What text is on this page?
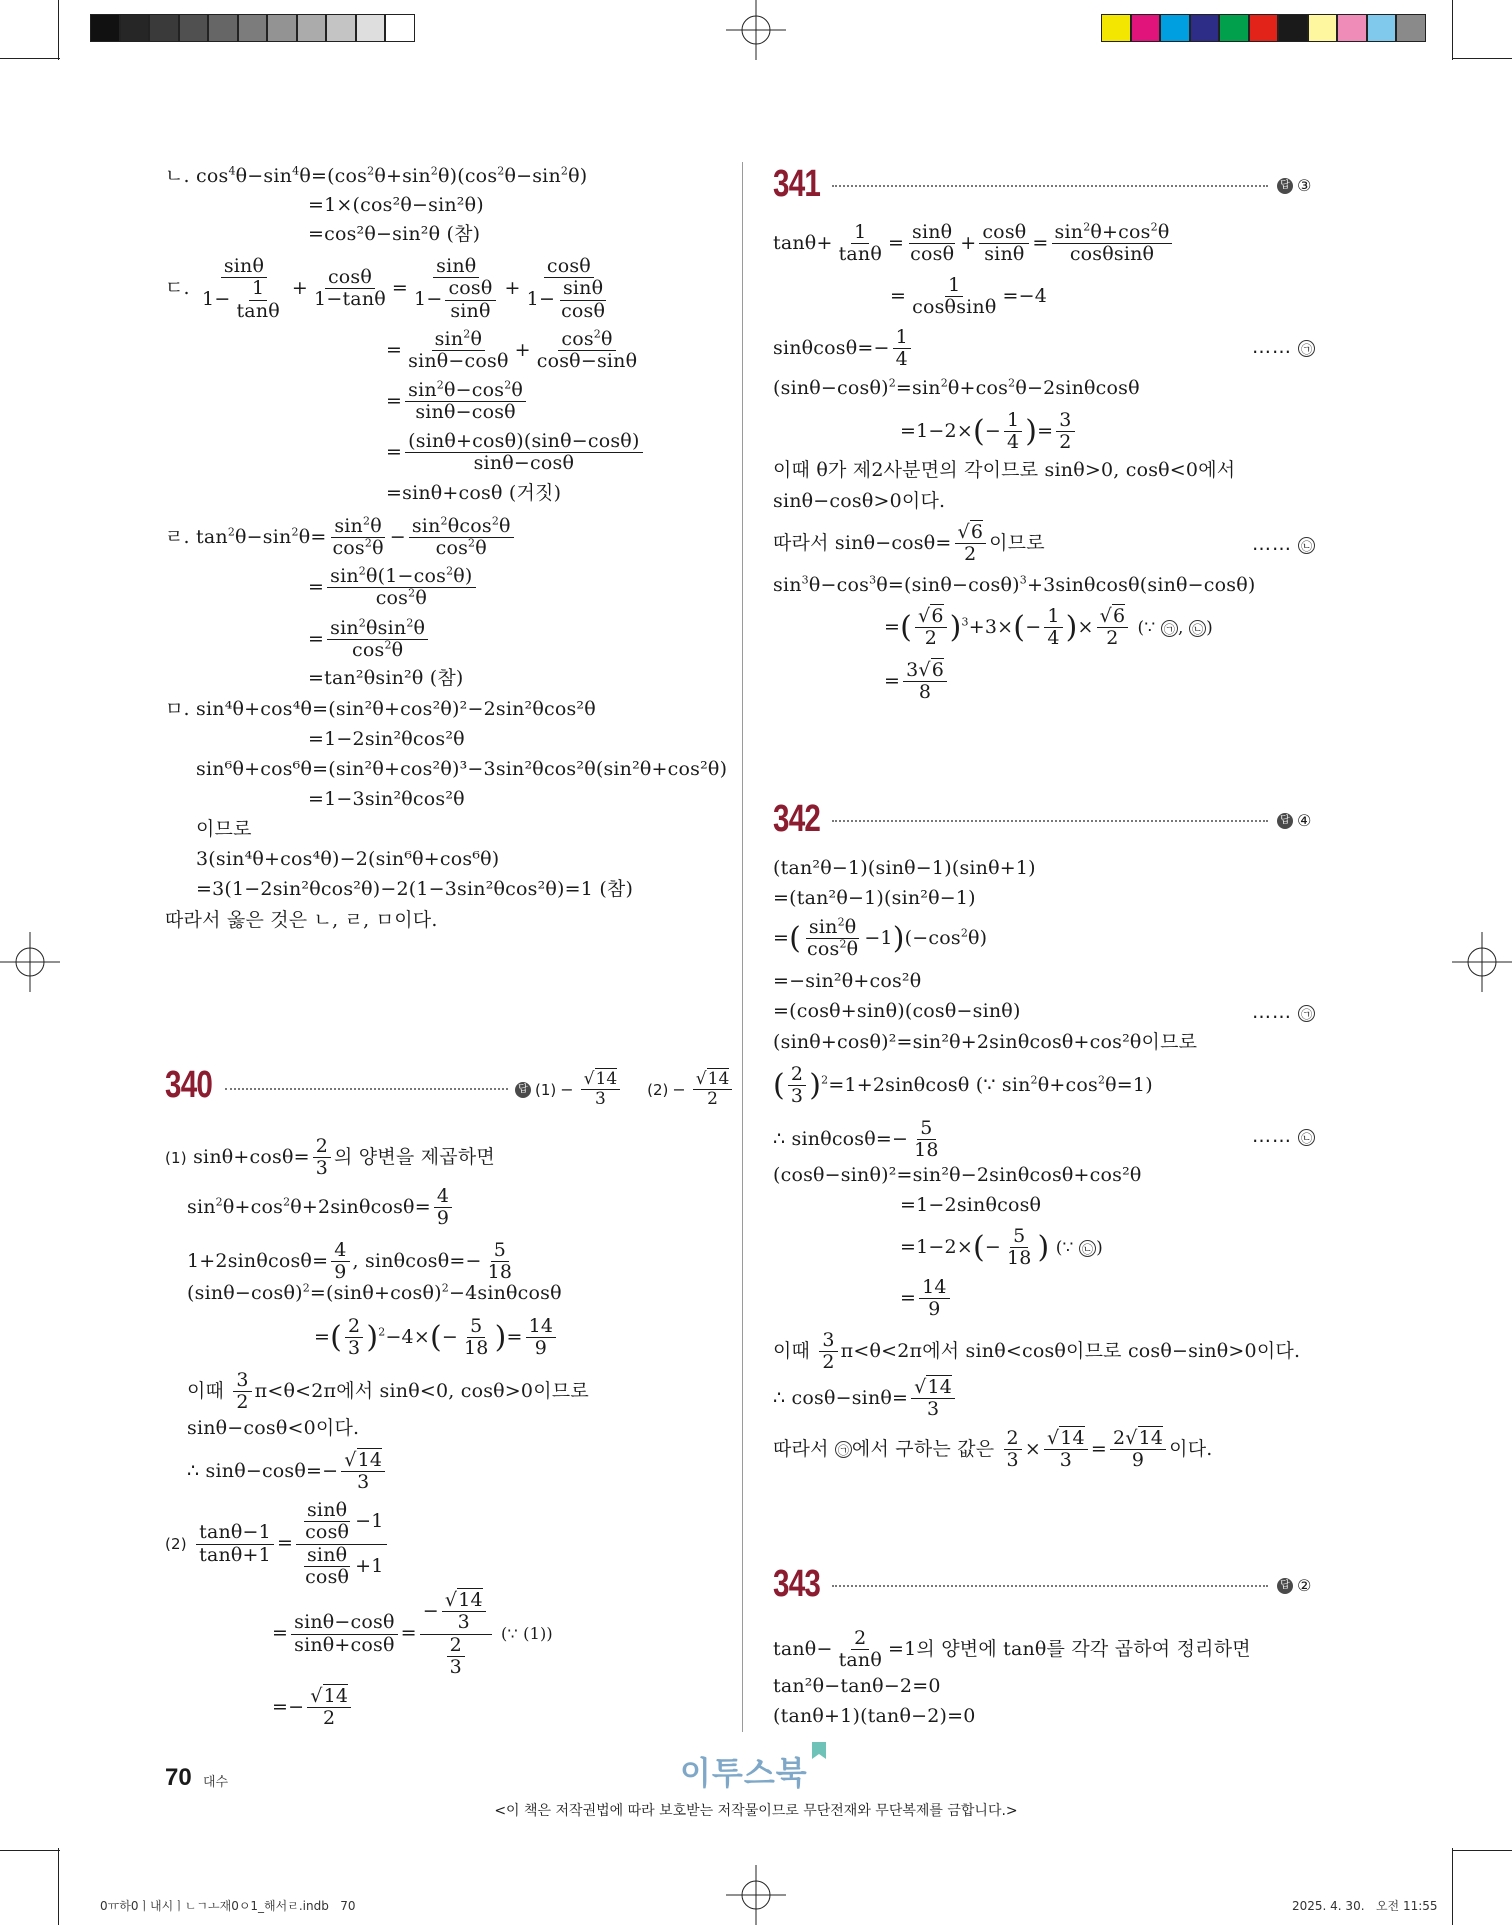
ㄴ. $\cos^4\theta-\sin^4\theta=(\cos^2\theta+\sin^2\theta)(\cos^2\theta-\sin^2\theta)$
=1×(cos²θ−sin²θ)
=cos²θ−sin²θ (참)
ㄷ. $\frac{\sin\theta}{1- \frac{1}{\tan\theta}} + \frac{\cos\theta}{1-\tan\theta} = \frac{\sin\theta}{1- \frac{\cos\theta}{\sin\theta}} + \frac{\cos\theta}{1- \frac{\sin\theta}{\cos\theta}}$
= $\frac{\sin^2\theta}{\sin\theta-\cos\theta} + \frac{\cos^2\theta}{\cos\theta-\sin\theta}$
= $\frac{\sin^2\theta-\cos^2\theta}{\sin\theta-\cos\theta}$
= $\frac{(\sin\theta+\cos\theta)(\sin\theta-\cos\theta)}{\sin\theta-\cos\theta}$
=sinθ+cosθ (거짓)
ㄹ. $\tan^2\theta-\sin^2\theta= \frac{\sin^2\theta}{\cos^2\theta} - \frac{\sin^2\theta\cos^2\theta}{\cos^2\theta}$
= $\frac{\sin^2\theta(1-\cos^2\theta)}{\cos^2\theta}$
= $\frac{\sin^2\theta\sin^2\theta}{\cos^2\theta}$
=tan²θsin²θ (참)
ㅁ. sin⁴θ+cos⁴θ=(sin²θ+cos²θ)²−2sin²θcos²θ
=1−2sin²θcos²θ
sin⁶θ+cos⁶θ=(sin²θ+cos²θ)³−3sin²θcos²θ(sin²θ+cos²θ)
=1−3sin²θcos²θ
이므로
3(sin⁴θ+cos⁴θ)−2(sin⁶θ+cos⁶θ)
=3(1−2sin²θcos²θ)−2(1−3sin²θcos²θ)=1 (참)
따라서 옳은 것은 ㄴ, ㄹ, ㅁ이다.
340	답 $(1) - \frac{√14}{3} (2) - \frac{√14}{2}$
(1) $\sin\theta+\cos\theta= \frac{2}{3}$ 의 양변을 제곱하면
$\sin^2\theta+\cos^2\theta+2\sin\theta\cos\theta= \frac{4}{9}$
$1+2\sin\theta\cos\theta= \frac{4}{9}$ , $\sin\theta\cos\theta=- \frac{5}{18}$
$(\sin\theta-\cos\theta)^2=(\sin\theta+\cos\theta)^2-4\sin\theta\cos\theta$
=( $\frac{2}{3} )^2-4\times(- \frac{5}{18}$ )= $\frac{14}{9}$
이때 $\frac{3}{2} \pi<\theta<2\pi$에서 sinθ<0, cosθ>0이므로
sinθ−cosθ<0이다.
∴ $\sin\theta-\cos\theta=- \frac{√14}{3}$
$(2) \frac{\tan\theta-1}{\tan\theta+1} = \frac{\frac{\sin\theta}{\cos\theta} -1}{\frac{\sin\theta}{\cos\theta} +1}$
= $\frac{\sin\theta-\cos\theta}{\sin\theta+\cos\theta} = \frac{- \frac{√14}{3}}{\frac{2}{3}}$ (∵ (1))
=− $\frac{√14}{2}$
341	답 ③
$\tan\theta+ \frac{1}{\tan\theta} = \frac{\sin\theta}{\cos\theta} + \frac{\cos\theta}{\sin\theta} = \frac{\sin^2\theta+\cos^2\theta}{\cos\theta\sin\theta}$
= $\frac{1}{\cos\theta\sin\theta} =-4$
$\sin\theta\cos\theta=- \frac{1}{4}$	…… ㉠
$(\sin\theta-\cos\theta)^2=\sin^2\theta+\cos^2\theta-2\sin\theta\cos\theta$
$=1-2\times(- \frac{1}{4}$ )= $\frac{3}{2}$
이때 θ가 제2사분면의 각이므로 sinθ>0, cosθ<0에서
sinθ−cosθ>0이다.
따라서 $\sin\theta-\cos\theta= \frac{√6}{2}$ 이므로	…… ㉡
$\sin^3\theta-\cos^3\theta=(\sin\theta-\cos\theta)^3+3\sin\theta\cos\theta(\sin\theta-\cos\theta)$
=( $\frac{√6}{2} )^3+3\times(- \frac{1}{4}$ )× $\frac{√6}{2}$ (∵ ㉠ , ㉡ )
= $\frac{3√6}{8}$
342	답 ④
(tan²θ−1)(sinθ−1)(sinθ+1)
=(tan²θ−1)(sin²θ−1)
=( $\frac{\sin^2\theta}{\cos^2\theta} -1)(-\cos^2\theta)$
=−sin²θ+cos²θ
=(cosθ+sinθ)(cosθ−sinθ)	…… ㉠
(sinθ+cosθ)²=sin²θ+2sinθcosθ+cos²θ이므로
( $\frac{2}{3} )^2=1+2\sin\theta\cos\theta$ (∵ $\sin^2\theta+\cos^2\theta=1$)
∴ $\sin\theta\cos\theta=- \frac{5}{18}$	…… ㉡
(cosθ−sinθ)²=sin²θ−2sinθcosθ+cos²θ
=1−2sinθcosθ
$=1-2\times(- \frac{5}{18}$ ) (∵ ㉡ )
= $\frac{14}{9}$
이때 $\frac{3}{2} \pi<\theta<2\pi$에서 sinθ<cosθ이므로 cosθ−sinθ>0이다.
∴ $\cos\theta-\sin\theta= \frac{√14}{3}$
따라서 ㉠ 에서 구하는 값은 $\frac{2}{3} \times \frac{√14}{3} = \frac{2√14}{9}$ 이다.
343	답 ②
$\tan\theta- \frac{2}{\tan\theta} =1$의 양변에 tanθ를 각각 곱하여 정리하면
tan²θ−tanθ−2=0
(tanθ+1)(tanθ−2)=0
70 대수	이투스북
<이 책은 저작권법에 따라 보호받는 저작물이므로 무단전재와 무단복제를 금합니다.>
0ㅠ하0ㅣ내시ㅣㄴㄱㅗ재0ㅇ1_해서ㄹ.indb   70	2025. 4. 30.   오전 11:55
